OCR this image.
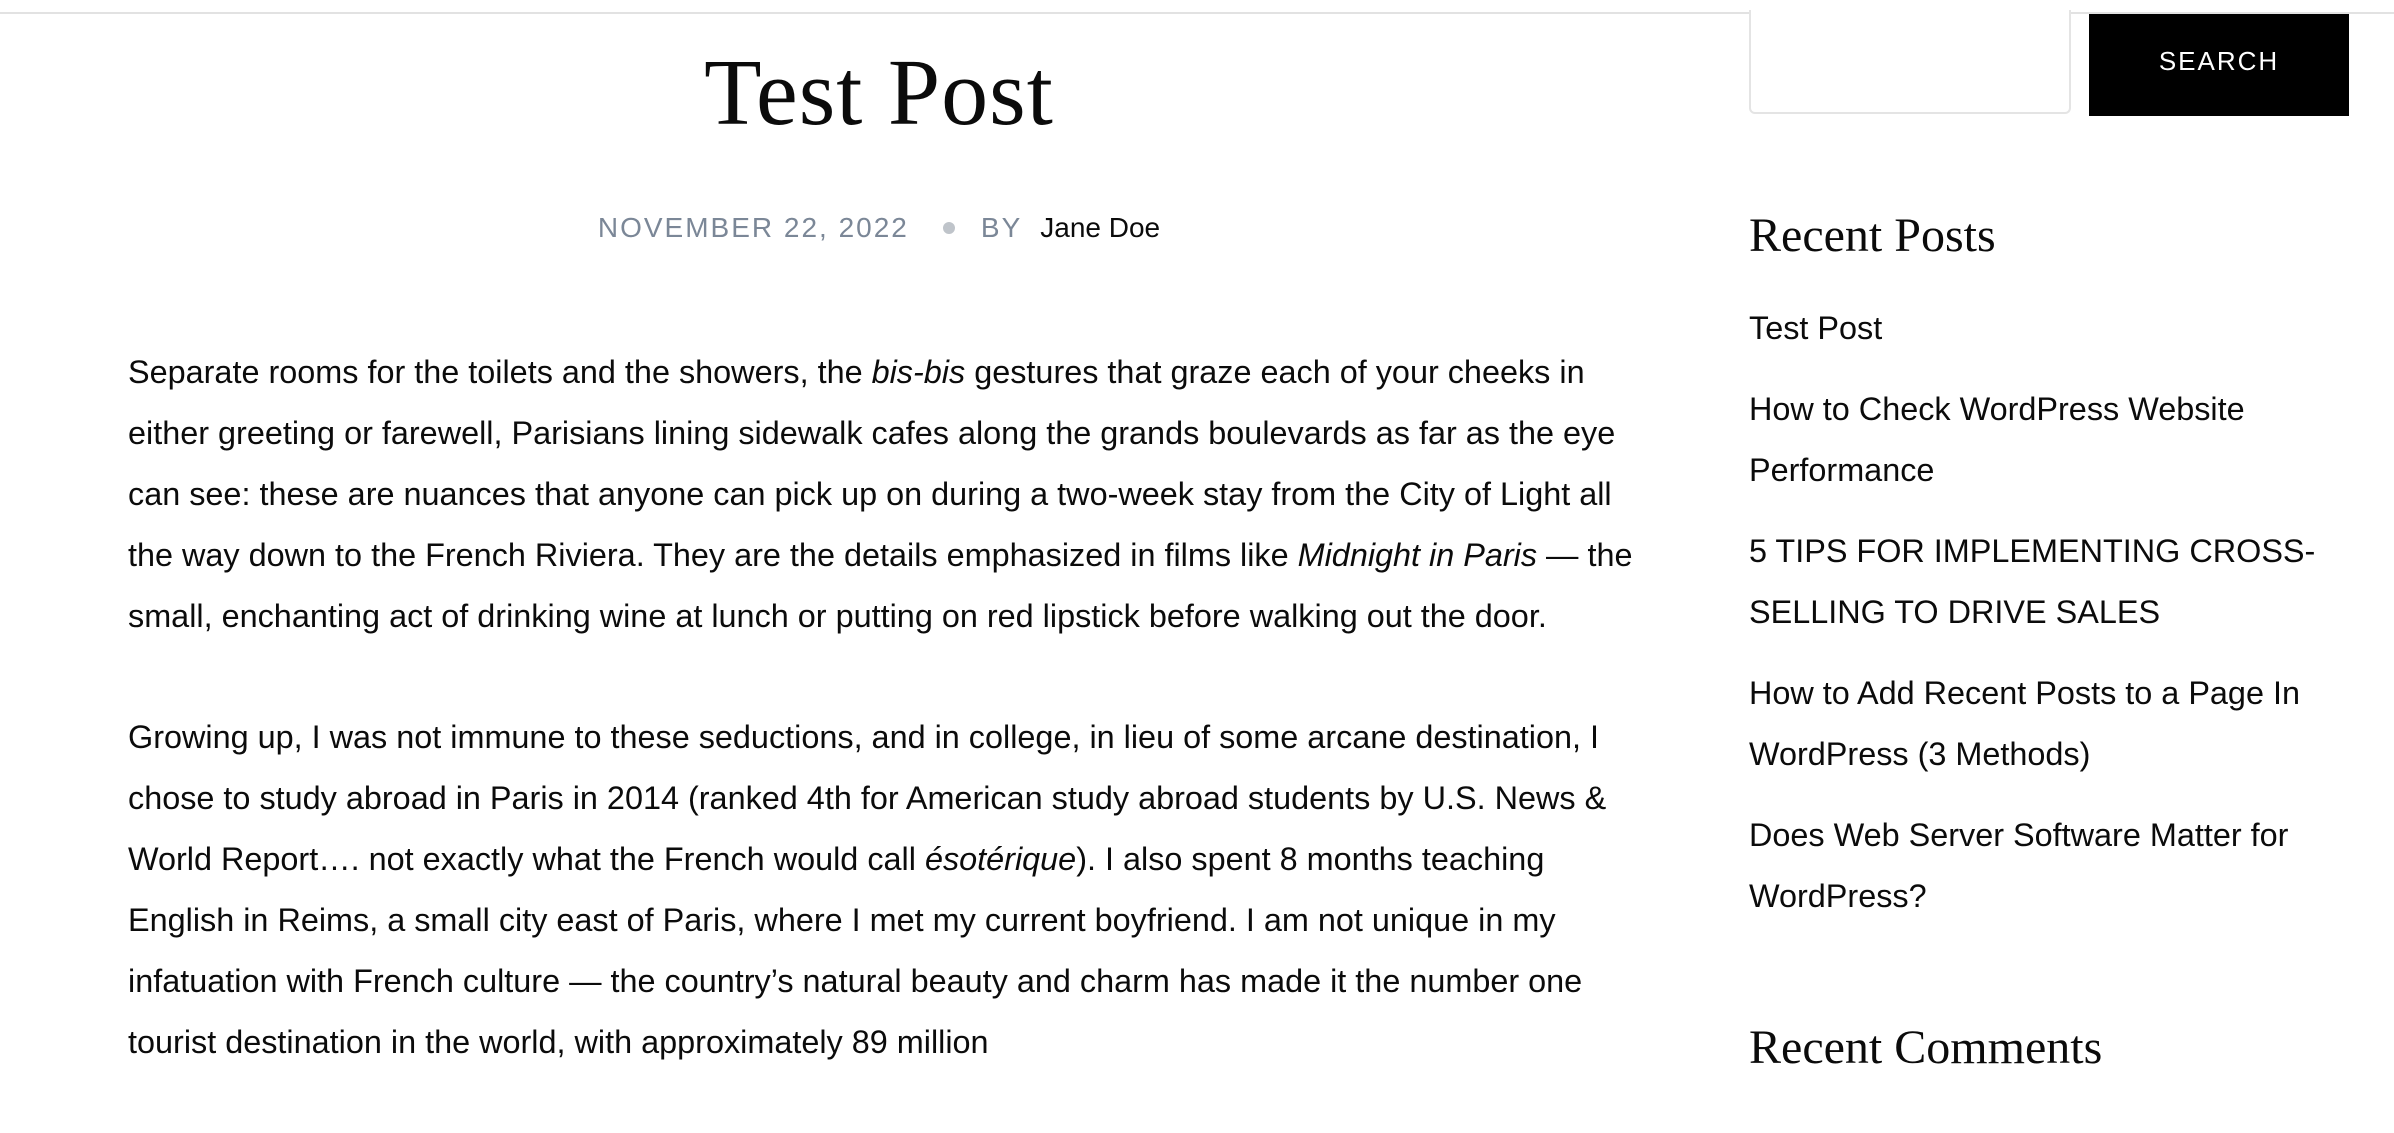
Test Post
NOVEMBER 22, 2022	BY Jane Doe

Separate rooms for the toilets and the showers, the bis-bis gestures that graze each of your cheeks in either greeting or farewell, Parisians lining sidewalk cafes along the grands boulevards as far as the eye can see: these are nuances that anyone can pick up on during a two-week stay from the City of Light all the way down to the French Riviera. They are the details emphasized in films like Midnight in Paris — the small, enchanting act of drinking wine at lunch or putting on red lipstick before walking out the door.

Growing up, I was not immune to these seductions, and in college, in lieu of some arcane destination, I chose to study abroad in Paris in 2014 (ranked 4th for American study abroad students by U.S. News & World Report…. not exactly what the French would call ésotérique). I also spent 8 months teaching English in Reims, a small city east of Paris, where I met my current boyfriend. I am not unique in my infatuation with French culture — the country’s natural beauty and charm has made it the number one tourist destination in the world, with approximately 89 million

SEARCH
Recent Posts
Test Post
How to Check WordPress Website Performance
5 TIPS FOR IMPLEMENTING CROSS-SELLING TO DRIVE SALES
How to Add Recent Posts to a Page In WordPress (3 Methods)
Does Web Server Software Matter for WordPress?
Recent Comments
